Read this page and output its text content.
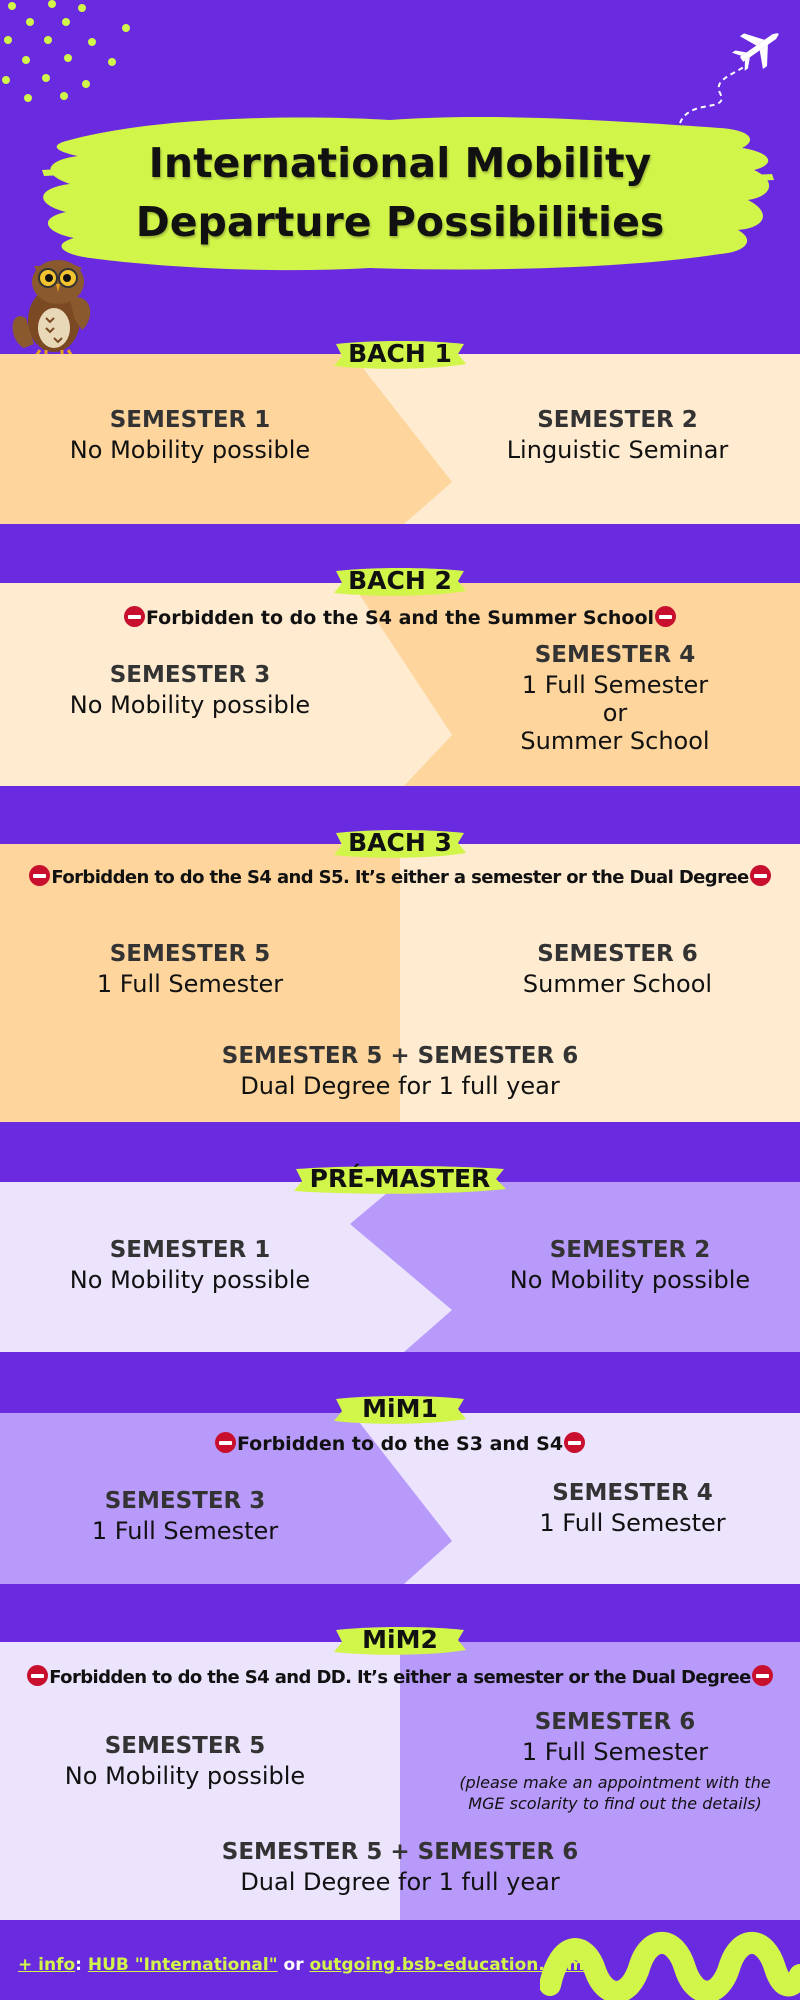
International Mobility
Departure Possibilities
SEMESTER 1
No Mobility possible
SEMESTER 2
Linguistic Seminar
BACH 1
Forbidden to do the S4 and the Summer School
SEMESTER 3
No Mobility possible
SEMESTER 4
1 Full Semester
or
Summer School
BACH 2
Forbidden to do the S4 and S5. It’s either a semester or the Dual Degree
SEMESTER 5
1 Full Semester
SEMESTER 6
Summer School
SEMESTER 5 + SEMESTER 6
Dual Degree for 1 full year
BACH 3
SEMESTER 1
No Mobility possible
SEMESTER 2
No Mobility possible
PRÉ-MASTER
Forbidden to do the S3 and S4
SEMESTER 3
1 Full Semester
SEMESTER 4
1 Full Semester
MiM1
Forbidden to do the S4 and DD. It’s either a semester or the Dual Degree
SEMESTER 5
No Mobility possible
SEMESTER 6
1 Full Semester
(please make an appointment with the
MGE scolarity to find out the details)
SEMESTER 5 + SEMESTER 6
Dual Degree for 1 full year
MiM2
+ info: HUB "International" or outgoing.bsb-education.com
